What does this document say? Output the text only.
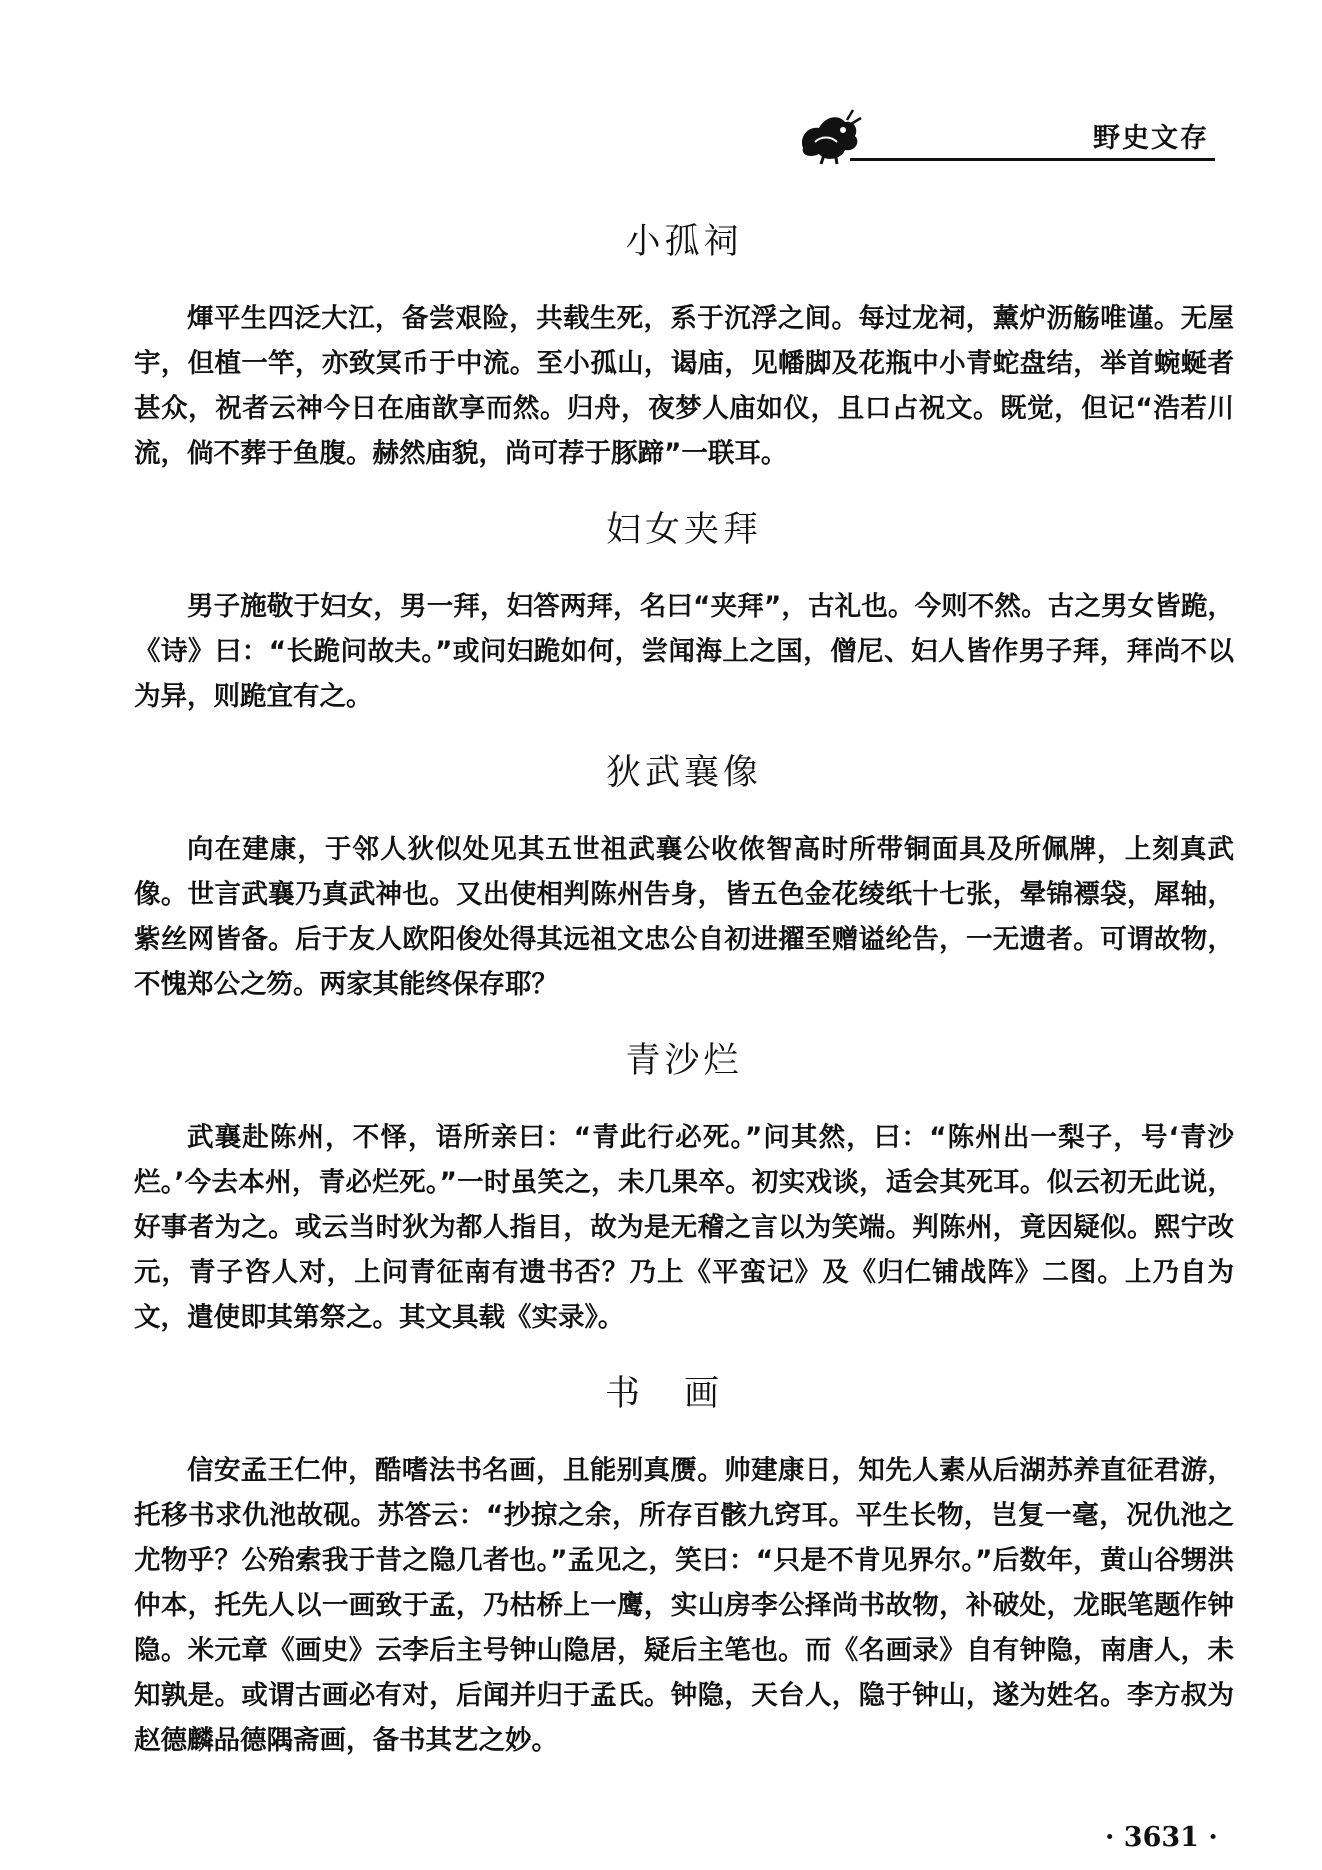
野史文存
小孤祠

煇平生四泛大江，备尝艰险，共载生死，系于沉浮之间。每过龙祠，薰炉沥觞唯谨。无屋宇，但植一竿，亦致冥币于中流。至小孤山，谒庙，见幡脚及花瓶中小青蛇盘结，举首蜿蜒者甚众，祝者云神今日在庙歆享而然。归舟，夜梦人庙如仪，且口占祝文。既觉，但记“浩若川流，倘不葬于鱼腹。赫然庙貌，尚可荐于豚蹄”一联耳。

妇女夹拜

男子施敬于妇女，男一拜，妇答两拜，名曰“夹拜”，古礼也。今则不然。古之男女皆跪，《诗》曰：“长跪问故夫。”或问妇跪如何，尝闻海上之国，僧尼、妇人皆作男子拜，拜尚不以为异，则跪宜有之。

狄武襄像

向在建康，于邻人狄似处见其五世祖武襄公收侬智高时所带铜面具及所佩牌，上刻真武像。世言武襄乃真武神也。又出使相判陈州告身，皆五色金花绫纸十七张，晕锦褾袋，犀轴，紫丝网皆备。后于友人欧阳俊处得其远祖文忠公自初进擢至赠谥纶告，一无遗者。可谓故物，不愧郑公之笏。两家其能终保存耶？

青沙烂

武襄赴陈州，不怿，语所亲曰：“青此行必死。”问其然，曰：“陈州出一梨子，号‘青沙烂。’今去本州，青必烂死。”一时虽笑之，未几果卒。初实戏谈，适会其死耳。似云初无此说，好事者为之。或云当时狄为都人指目，故为是无稽之言以为笑端。判陈州，竟因疑似。熙宁改元，青子咨人对，上问青征南有遗书否？乃上《平蛮记》及《归仁铺战阵》二图。上乃自为文，遣使即其第祭之。其文具载《实录》。

书画

信安孟王仁仲，酷嗜法书名画，且能别真赝。帅建康日，知先人素从后湖苏养直征君游，托移书求仇池故砚。苏答云：“抄掠之余，所存百骸九窍耳。平生长物，岂复一毫，况仇池之尤物乎？公殆索我于昔之隐几者也。”孟见之，笑曰：“只是不肯见界尔。”后数年，黄山谷甥洪仲本，托先人以一画致于孟，乃枯桥上一鹰，实山房李公择尚书故物，补破处，龙眠笔题作钟隐。米元章《画史》云李后主号钟山隐居，疑后主笔也。而《名画录》自有钟隐，南唐人，未知孰是。或谓古画必有对，后闻并归于孟氏。钟隐，天台人，隐于钟山，遂为姓名。李方叔为赵德麟品德隅斋画，备书其艺之妙。

· 3631 ·
